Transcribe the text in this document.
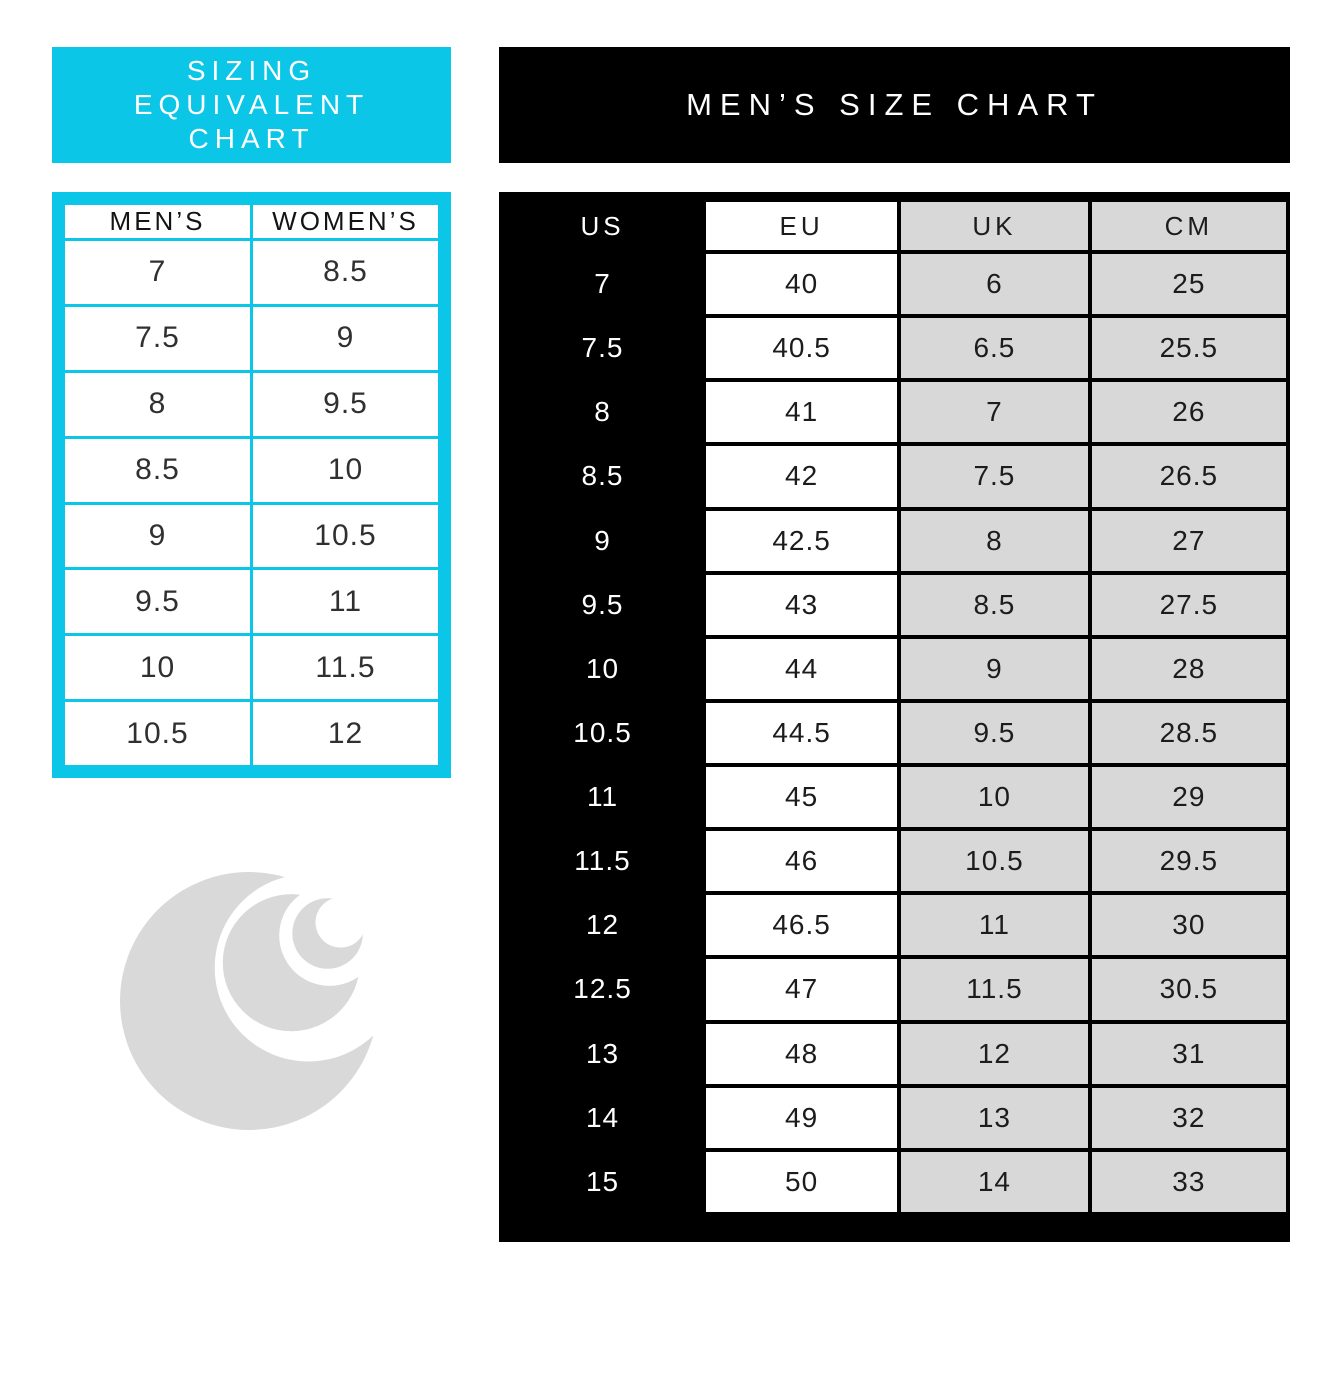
SIZING EQUIVALENT CHART
MEN’S SIZE CHART
MEN’S	WOMEN’S
7	8.5
7.5	9
8	9.5
8.5	10
9	10.5
9.5	11
10	11.5
10.5	12
US	EU	UK	CM
7	40	6	25
7.5	40.5	6.5	25.5
8	41	7	26
8.5	42	7.5	26.5
9	42.5	8	27
9.5	43	8.5	27.5
10	44	9	28
10.5	44.5	9.5	28.5
11	45	10	29
11.5	46	10.5	29.5
12	46.5	11	30
12.5	47	11.5	30.5
13	48	12	31
14	49	13	32
15	50	14	33
